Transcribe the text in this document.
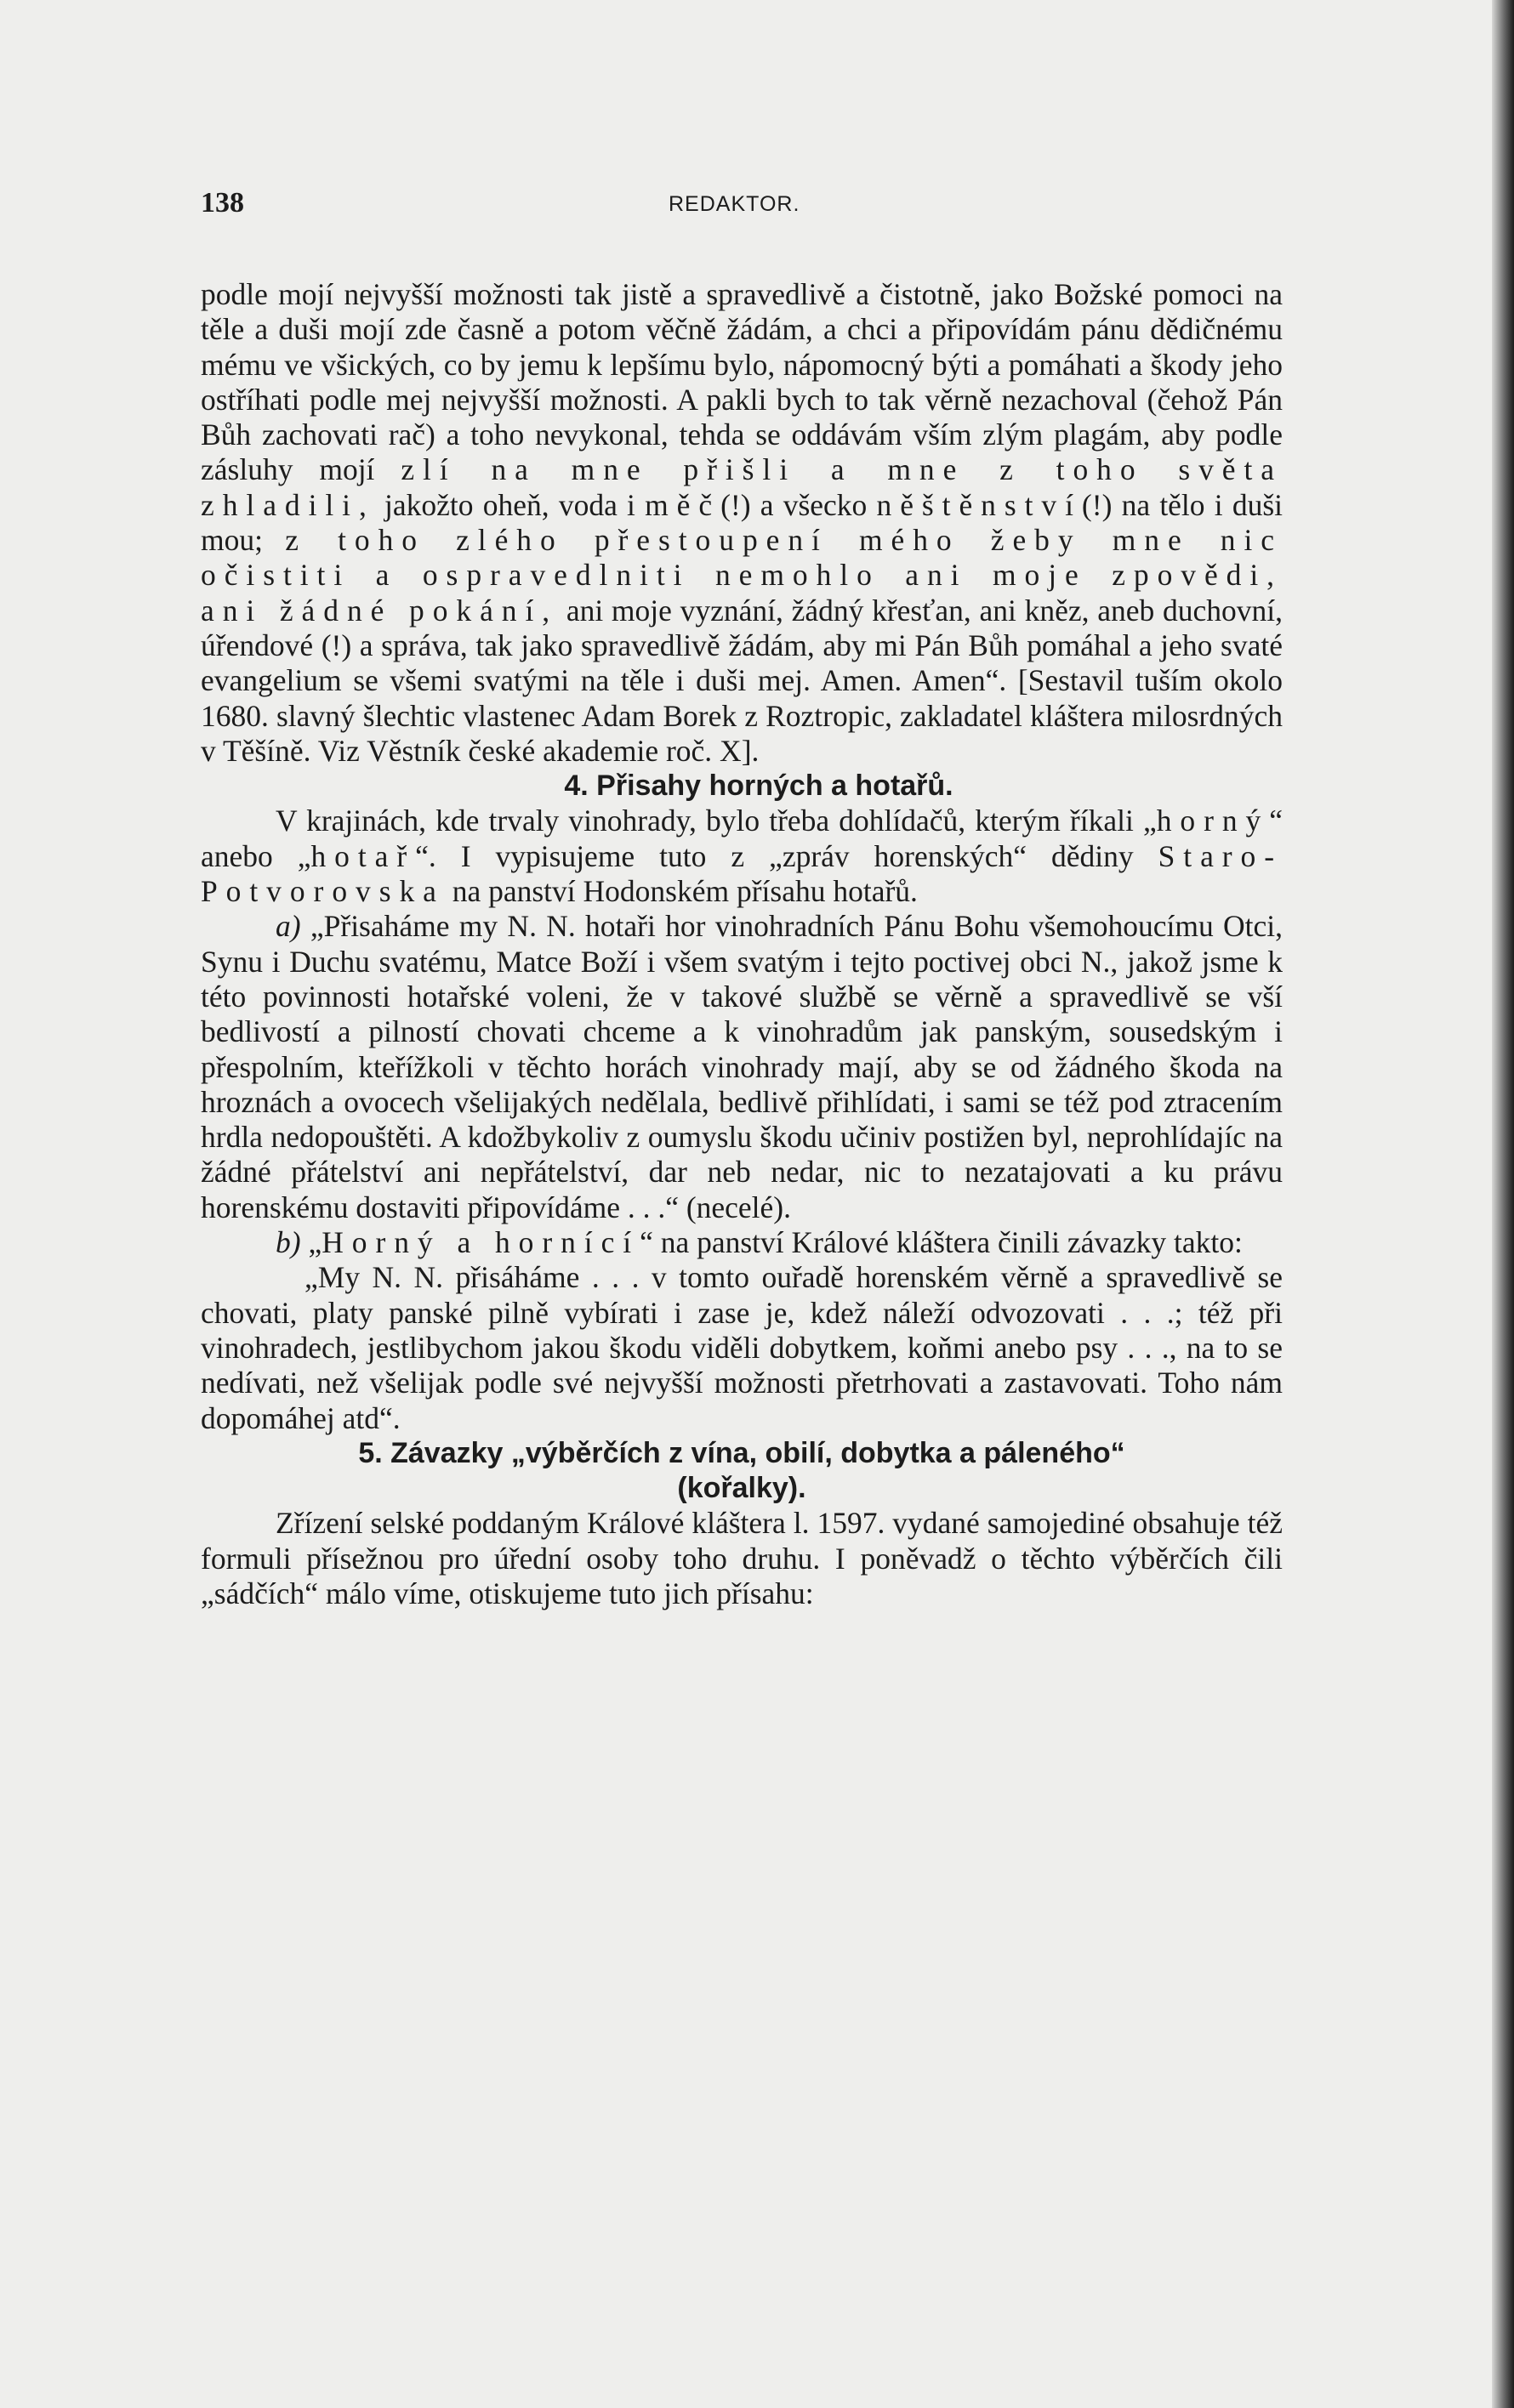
138	REDAKTOR.

podle mojí nejvyšší možnosti tak jistě a spravedlivě a čistotně, jako Božské pomoci na těle a duši mojí zde časně a potom věčně žádám, a chci a připovídám pánu dědičnému mému ve všických, co by jemu k lepšímu bylo, nápomocný býti a pomáhati a škody jeho ostříhati podle mej nejvyšší možnosti. A pakli bych to tak věrně nezachoval (čehož Pán Bůh zachovati rač) a toho nevykonal, tehda se oddávám vším zlým plagám, aby podle zásluhy mojí zlí na mne přišli a mne z toho světa zhladili, jakožto oheň, voda i měč(!) a všecko něštěnství(!) na tělo i duši mou; z toho zlého přestoupení mého žeby mne nic očistiti a ospravedlniti nemohlo ani moje zpovědi, ani žádné pokání, ani moje vyznání, žádný křesťan, ani kněz, aneb duchovní, úřendové (!) a správa, tak jako spravedlivě žádám, aby mi Pán Bůh pomáhal a jeho svaté evangelium se všemi svatými na těle i duši mej. Amen. Amen“. [Sestavil tuším okolo 1680. slavný šlechtic vlastenec Adam Borek z Roztropic, zakladatel kláštera milosrdných v Těšíně. Viz Věstník české akademie roč. X].

4. Přisahy horných a hotařů.

V krajinách, kde trvaly vinohrady, bylo třeba dohlídačů, kterým říkali „horný“ anebo „hotař“. I vypisujeme tuto z „zpráv horenských“ dědiny Staro-Potvorovska na panství Hodonském přísahu hotařů.

a) „Přisaháme my N. N. hotaři hor vinohradních Pánu Bohu všemohoucímu Otci, Synu i Duchu svatému, Matce Boží i všem svatým i tejto poctivej obci N., jakož jsme k této povinnosti hotařské voleni, že v takové službě se věrně a spravedlivě se vší bedlivostí a pilností chovati chceme a k vinohradům jak panským, sousedským i přespolním, kteřížkoli v těchto horách vinohrady mají, aby se od žádného škoda na hroznách a ovocech všelijakých nedělala, bedlivě přihlídati, i sami se též pod ztracením hrdla nedopouštěti. A kdožbykoliv z oumyslu škodu učiniv postižen byl, neprohlídajíc na žádné přátelství ani nepřátelství, dar neb nedar, nic to nezatajovati a ku právu horenskému dostaviti připovídáme . . .“ (necelé).

b) „Horný a hornící“ na panství Králové kláštera činili závazky takto:

„My N. N. přisáháme . . . v tomto ouřadě horenském věrně a spravedlivě se chovati, platy panské pilně vybírati i zase je, kdež náleží odvozovati . . .; též při vinohradech, jestlibychom jakou škodu viděli dobytkem, koňmi anebo psy . . ., na to se nedívati, než všelijak podle své nejvyšší možnosti přetrhovati a zastavovati. Toho nám dopomáhej atd“.

5. Závazky „výběrčích z vína, obilí, dobytka a páleného“
(kořalky).

Zřízení selské poddaným Králové kláštera l. 1597. vydané samojediné obsahuje též formuli přísežnou pro úřední osoby toho druhu. I poněvadž o těchto výběrčích čili „sádčích“ málo víme, otiskujeme tuto jich přísahu:
